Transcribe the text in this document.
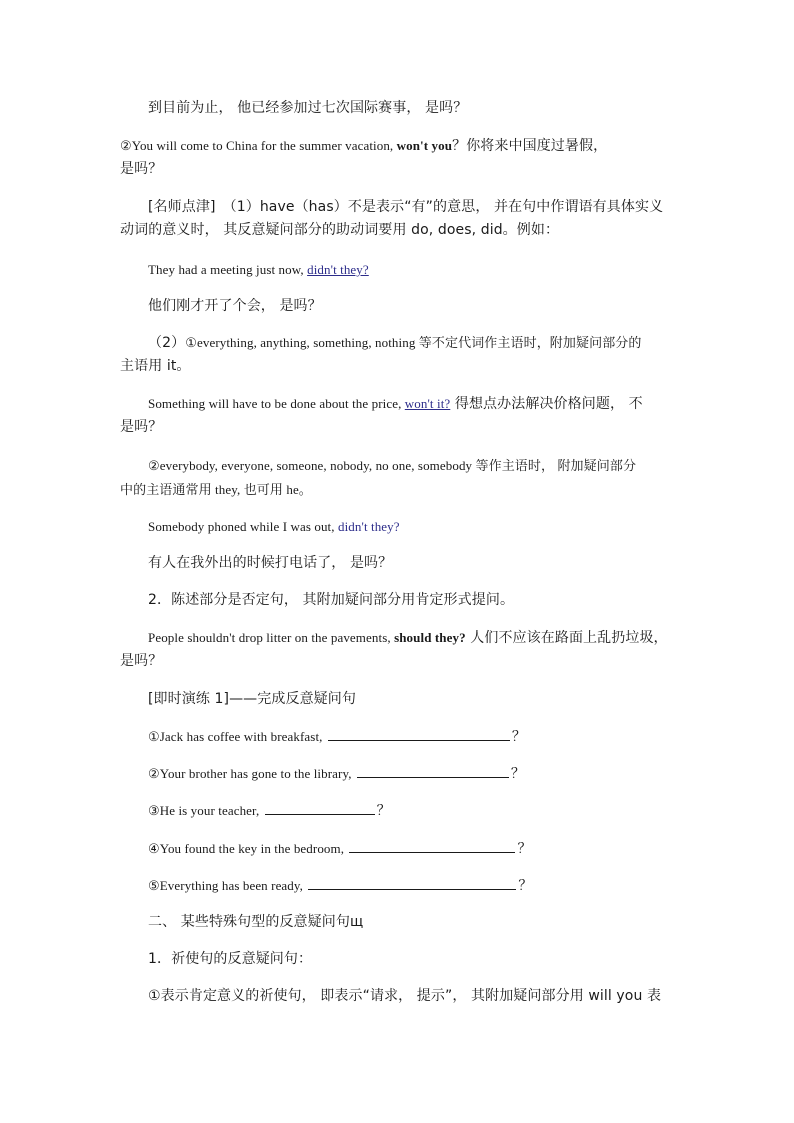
到目前为止， 他已经参加过七次国际赛事， 是吗？
②You will come to China for the summer vacation, won't you？你将来中国度过暑假，
是吗？
[名师点津]　（1）have（has）不是表示“有”的意思， 并在句中作谓语有具体实义
动词的意义时， 其反意疑问部分的助动词要用 do, does, did。例如：
They had a meeting just now, didn't they?
他们刚才开了个会， 是吗？
（2）①everything, anything, something, nothing 等不定代词作主语时，附加疑问部分的
主语用 it。
Something will have to be done about the price, won't it? 得想点办法解决价格问题， 不
是吗？
②everybody, everyone, someone, nobody, no one, somebody 等作主语时， 附加疑问部分
中的主语通常用 they, 也可用 he。
Somebody phoned while I was out, didn't they?
有人在我外出的时候打电话了， 是吗？
2．陈述部分是否定句， 其附加疑问部分用肯定形式提问。
People shouldn't drop litter on the pavements, should they? 人们不应该在路面上乱扔垃圾，
是吗？
[即时演练 1]——完成反意疑问句
①Jack has coffee with breakfast,	？
②Your brother has gone to the library,	？
③He is your teacher,	？
④You found the key in the bedroom,	？
⑤Everything has been ready,	？
二、 某些特殊句型的反意疑问句щ
1．祈使句的反意疑问句：
①表示肯定意义的祈使句， 即表示“请求， 提示”， 其附加疑问部分用 will you 表
